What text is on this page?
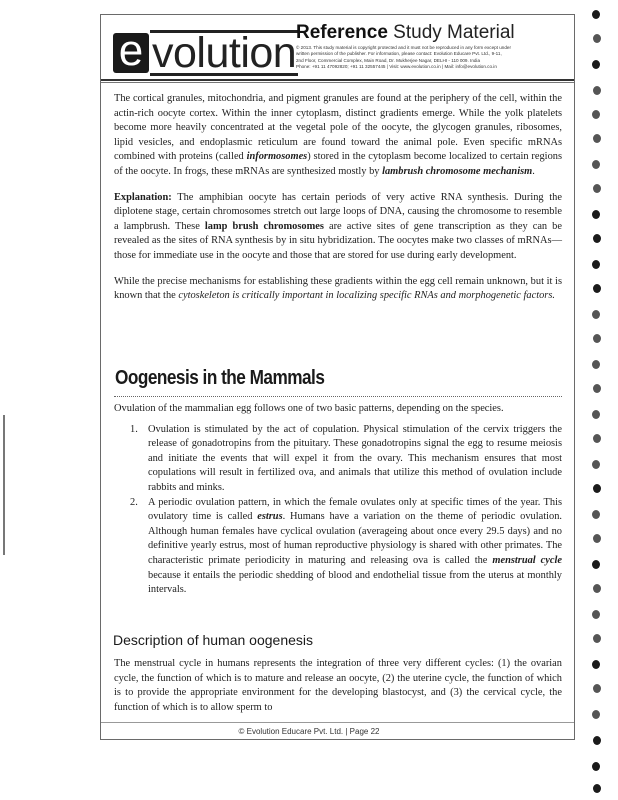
e volution Reference Study Material
© 2013. This study material is copyright protected and it must not be reproduced in any form except under
written permission of the publisher. For information, please contact: Evolution Educare Pvt. Ltd., 9-11,
2nd Floor, Commercial Complex, Main Road, Dr. Mukherjee Nagar, DELHI - 110 009. India
Phone: +91 11 47092820; +91 11 32557445 | Visit: www.evolution.co.in | Mail: info@evolution.co.in

The cortical granules, mitochondria, and pigment granules are found at the periphery of the cell, within the actin-rich oocyte cortex. Within the inner cytoplasm, distinct gradients emerge. While the yolk platelets become more heavily concentrated at the vegetal pole of the oocyte, the glycogen granules, ribosomes, lipid vesicles, and endoplasmic reticulum are found toward the animal pole. Even specific mRNAs combined with proteins (called informosomes) stored in the cytoplasm become localized to certain regions of the oocyte. In frogs, these mRNAs are synthesized mostly by lambrush chromosome mechanism.

Explanation: The amphibian oocyte has certain periods of very active RNA synthesis. During the diplotene stage, certain chromosomes stretch out large loops of DNA, causing the chromosome to resemble a lampbrush. These lamp brush chromosomes are active sites of gene transcription as they can be revealed as the sites of RNA synthesis by in situ hybridization. The oocytes make two classes of mRNAs—those for immediate use in the oocyte and those that are stored for use during early development.

While the precise mechanisms for establishing these gradients within the egg cell remain unknown, but it is known that the cytoskeleton is critically important in localizing specific RNAs and morphogenetic factors.

Oogenesis in the Mammals

Ovulation of the mammalian egg follows one of two basic patterns, depending on the species.

1. Ovulation is stimulated by the act of copulation. Physical stimulation of the cervix triggers the release of gonadotropins from the pituitary. These gonadotropins signal the egg to resume meiosis and initiate the events that will expel it from the ovary. This mechanism ensures that most copulations will result in fertilized ova, and animals that utilize this method of ovulation include rabbits and minks.
2. A periodic ovulation pattern, in which the female ovulates only at specific times of the year. This ovulatory time is called estrus. Humans have a variation on the theme of periodic ovulation. Although human females have cyclical ovulation (averageing about once every 29.5 days) and no definitive yearly estrus, most of human reproductive physiology is shared with other primates. The characteristic primate periodicity in maturing and releasing ova is called the menstrual cycle because it entails the periodic shedding of blood and endothelial tissue from the uterus at monthly intervals.
Description of human oogenesis

The menstrual cycle in humans represents the integration of three very different cycles: (1) the ovarian cycle, the function of which is to mature and release an oocyte, (2) the uterine cycle, the function of which is to provide the appropriate environment for the developing blastocyst, and (3) the cervical cycle, the function of which is to allow sperm to

© Evolution Educare Pvt. Ltd. | Page 22
